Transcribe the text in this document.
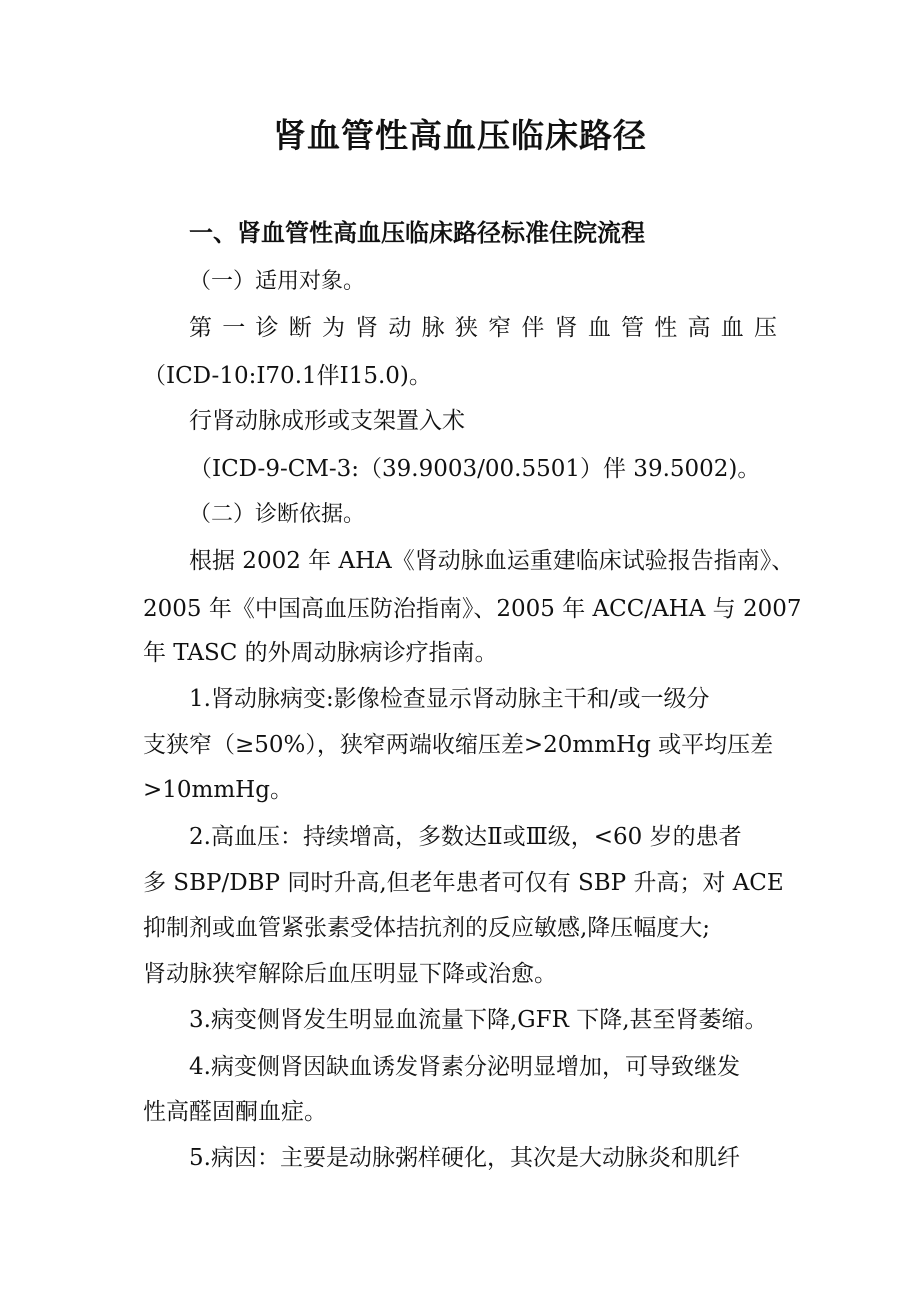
肾血管性高血压临床路径
一、肾血管性高血压临床路径标准住院流程
（一）适用对象。
第一诊断为肾动脉狭窄伴肾血管性高血压
（ICD-10:I70.1伴I15.0)。
行肾动脉成形或支架置入术
（ICD-9-CM-3:（39.9003/00.5501）伴 39.5002)。
（二）诊断依据。
根据 2002 年 AHA《肾动脉血运重建临床试验报告指南》、
2005 年《中国高血压防治指南》、2005 年 ACC/AHA 与 2007
年 TASC 的外周动脉病诊疗指南。
1.肾动脉病变:影像检查显示肾动脉主干和/或一级分
支狭窄（≥50%），狭窄两端收缩压差>20mmHg 或平均压差
>10mmHg。
2.高血压：持续增高，多数达Ⅱ或Ⅲ级，<60 岁的患者
多 SBP/DBP 同时升高,但老年患者可仅有 SBP 升高；对 ACE
抑制剂或血管紧张素受体拮抗剂的反应敏感,降压幅度大;
肾动脉狭窄解除后血压明显下降或治愈。
3.病变侧肾发生明显血流量下降,GFR 下降,甚至肾萎缩。
4.病变侧肾因缺血诱发肾素分泌明显增加，可导致继发
性高醛固酮血症。
5.病因：主要是动脉粥样硬化，其次是大动脉炎和肌纤
